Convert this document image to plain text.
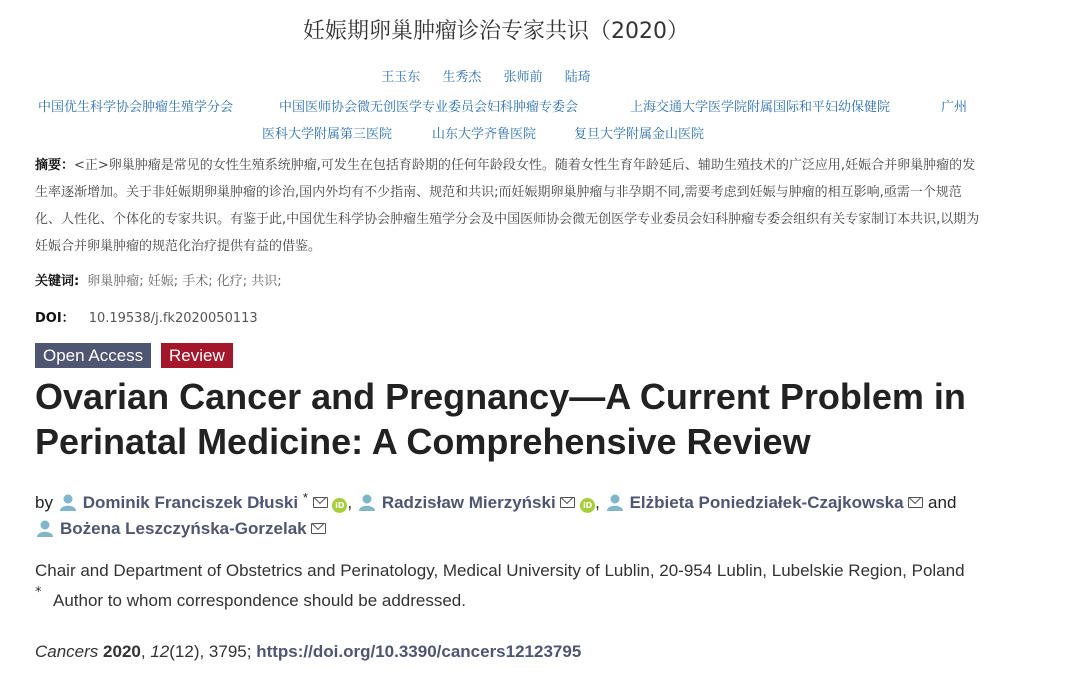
妊娠期卵巢肿瘤诊治专家共识（2020）
王玉东 生秀杰 张师前 陆琦
中国优生科学协会肿瘤生殖学分会	中国医师协会微无创医学专业委员会妇科肿瘤专委会	上海交通大学医学院附属国际和平妇幼保健院	广州
医科大学附属第三医院	山东大学齐鲁医院	复旦大学附属金山医院
摘要：<正>卵巢肿瘤是常见的女性生殖系统肿瘤,可发生在包括育龄期的任何年龄段女性。随着女性生育年龄延后、辅助生殖技术的广泛应用,妊娠合并卵巢肿瘤的发生率逐渐增加。关于非妊娠期卵巢肿瘤的诊治,国内外均有不少指南、规范和共识;而妊娠期卵巢肿瘤与非孕期不同,需要考虑到妊娠与肿瘤的相互影响,亟需一个规范化、人性化、个体化的专家共识。有鉴于此,中国优生科学协会肿瘤生殖学分会及中国医师协会微无创医学专业委员会妇科肿瘤专委会组织有关专家制订本共识,以期为妊娠合并卵巢肿瘤的规范化治疗提供有益的借鉴。
关键词: 卵巢肿瘤; 妊娠; 手术; 化疗; 共识;
DOI： 10.19538/j.fk2020050113
Open Access	Review
Ovarian Cancer and Pregnancy—A Current Problem in Perinatal Medicine: A Comprehensive Review
by Dominik Franciszek Dłuski *  iD , Radzisław Mierzyński	iD , Elżbieta Poniedziałek-Czajkowska and
Bożena Leszczyńska-Gorzelak
Chair and Department of Obstetrics and Perinatology, Medical University of Lublin, 20-954 Lublin, Lubelskie Region, Poland
* Author to whom correspondence should be addressed.
Cancers 2020, 12(12), 3795; https://doi.org/10.3390/cancers12123795
